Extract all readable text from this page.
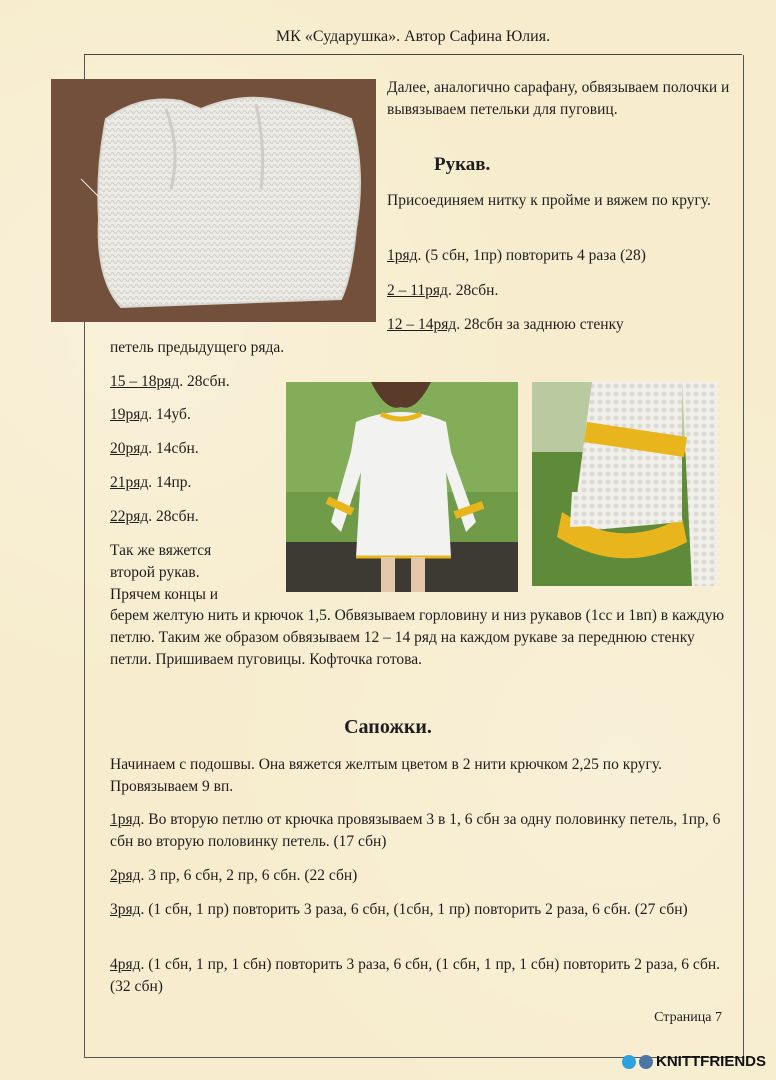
МК «Сударушка». Автор Сафина Юлия.
Далее, аналогично сарафану, обвязываем полочки и вывязываем петельки для пуговиц.
Рукав.
Присоединяем нитку к пройме и вяжем по кругу.
1ряд. (5 сбн, 1пр) повторить 4 раза (28)
2 – 11ряд. 28сбн.
12 – 14ряд. 28сбн за заднюю стенку
петель предыдущего ряда.
15 – 18ряд. 28сбн.
19ряд. 14уб.
20ряд. 14сбн.
21ряд. 14пр.
22ряд. 28сбн.
Так же вяжется
второй рукав.
Прячем концы и
берем желтую нить и крючок 1,5. Обвязываем горловину и низ рукавов (1сс и 1вп) в каждую петлю. Таким же образом обвязываем 12 – 14 ряд на каждом рукаве за переднюю стенку петли. Пришиваем пуговицы. Кофточка готова.
Сапожки.
Начинаем с подошвы. Она вяжется желтым цветом в 2 нити крючком 2,25 по кругу. Провязываем 9 вп.
1ряд. Во вторую петлю от крючка провязываем 3 в 1, 6 сбн за одну половинку петель, 1пр, 6 сбн во вторую половинку петель. (17 сбн)
2ряд. 3 пр, 6 сбн, 2 пр, 6 сбн. (22 сбн)
3ряд. (1 сбн, 1 пр) повторить 3 раза, 6 сбн, (1сбн, 1 пр) повторить 2 раза, 6 сбн. (27 сбн)
4ряд. (1 сбн, 1 пр, 1 сбн) повторить 3 раза, 6 сбн, (1 сбн, 1 пр, 1 сбн) повторить 2 раза, 6 сбн. (32 сбн)
Страница 7
KNITTFRIENDS
